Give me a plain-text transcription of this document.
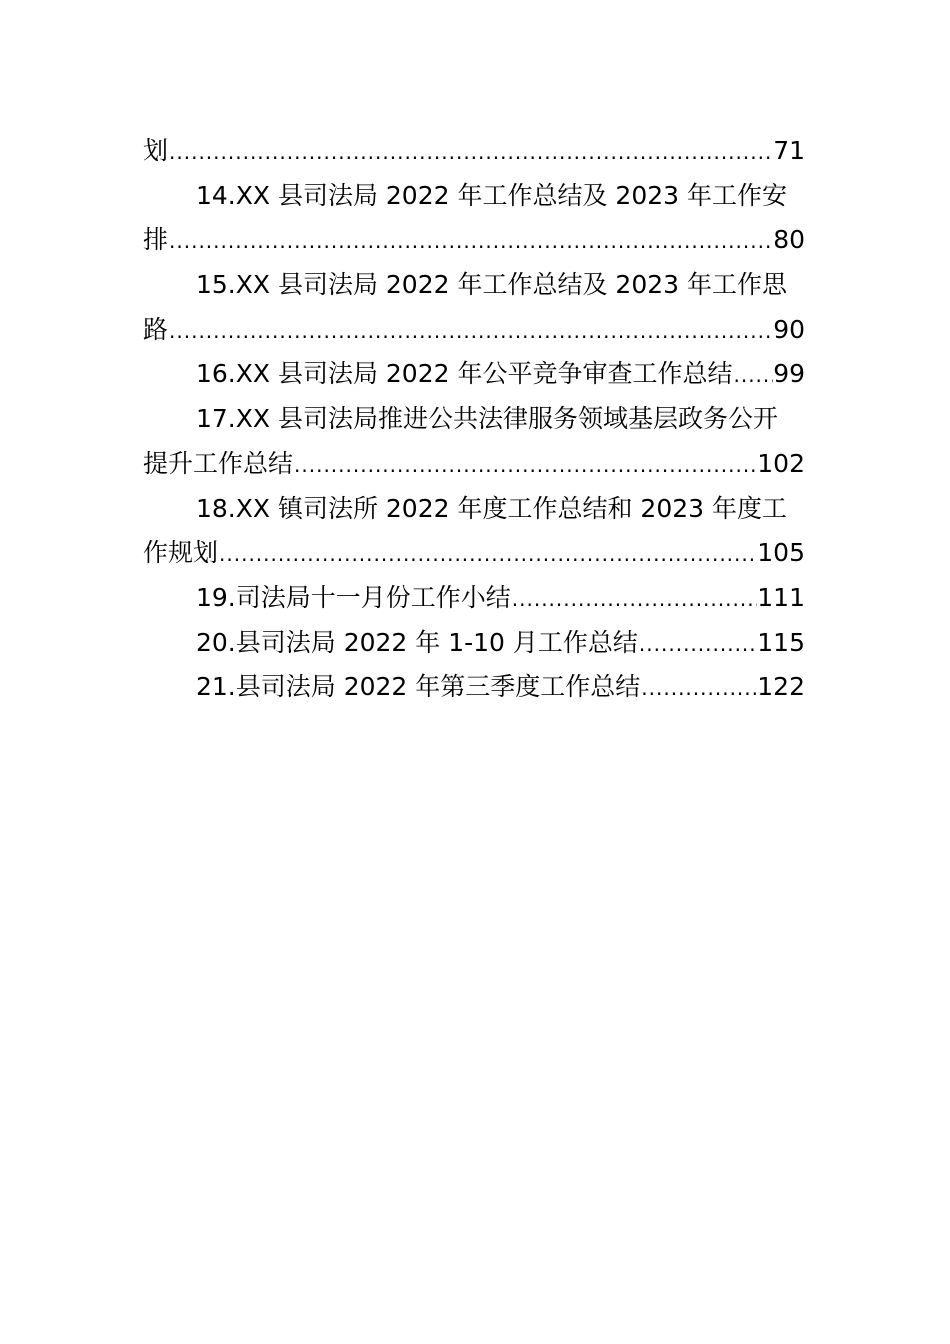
划 .....	71
14.XX 县司法局 2022 年工作总结及 2023 年工作安
排 .....	80
15.XX 县司法局 2022 年工作总结及 2023 年工作思
路 .....	90
16.XX 县司法局 2022 年公平竞争审查工作总结 ..... 99
17.XX 县司法局推进公共法律服务领域基层政务公开
提升工作总结 .....	102
18.XX 镇司法所 2022 年度工作总结和 2023 年度工
作规划 .....	105
19.司法局十一月份工作小结 .....	111
20.县司法局 2022 年 1-10 月工作总结 .....	115
21.县司法局 2022 年第三季度工作总结 .....	122
